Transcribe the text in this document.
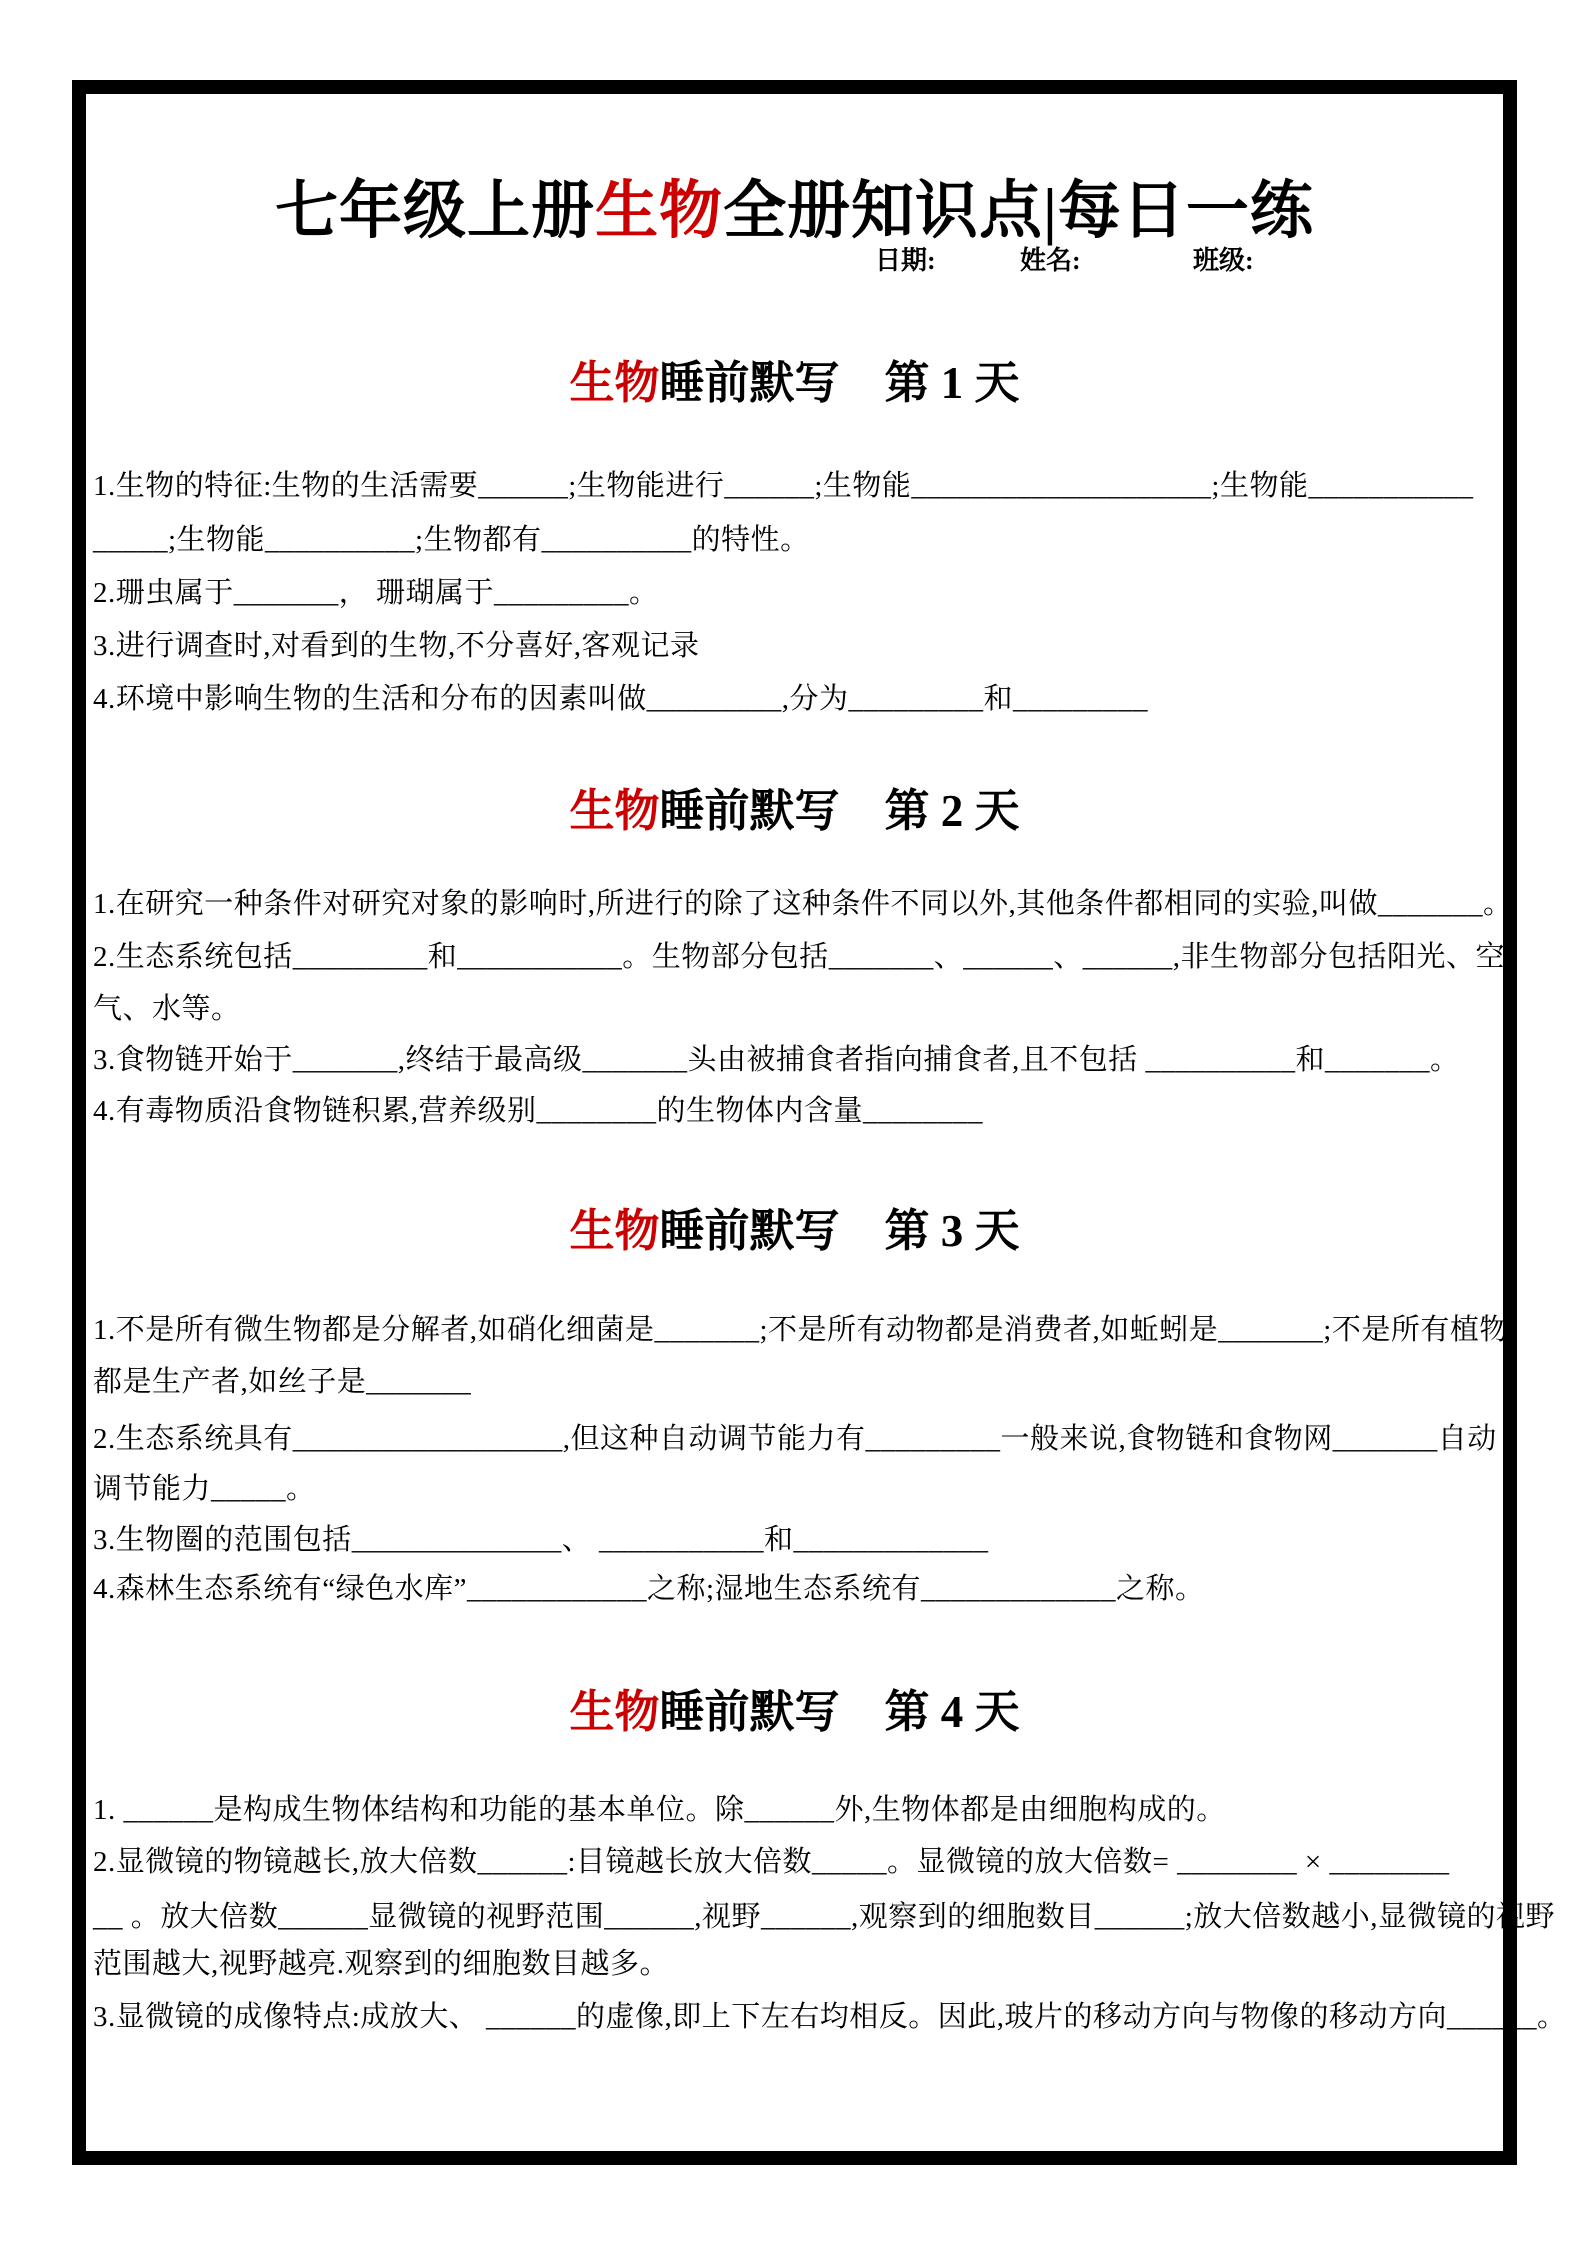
七年级上册生物全册知识点|每日一练
日期:	姓名:	班级:
生物睡前默写　第 1 天
1.生物的特征:生物的生活需要______;生物能进行______;生物能____________________;生物能___________
_____;生物能__________;生物都有__________的特性。
2.珊虫属于_______， 珊瑚属于_________。
3.进行调查时,对看到的生物,不分喜好,客观记录
4.环境中影响生物的生活和分布的因素叫做_________,分为_________和_________
生物睡前默写　第 2 天
1.在研究一种条件对研究对象的影响时,所进行的除了这种条件不同以外,其他条件都相同的实验,叫做_______。
2.生态系统包括_________和___________。生物部分包括_______、______、______,非生物部分包括阳光、空
气、水等。
3.食物链开始于_______,终结于最高级_______头由被捕食者指向捕食者,且不包括 __________和_______。
4.有毒物质沿食物链积累,营养级别________的生物体内含量________
生物睡前默写　第 3 天
1.不是所有微生物都是分解者,如硝化细菌是_______;不是所有动物都是消费者,如蚯蚓是_______;不是所有植物
都是生产者,如丝子是_______
2.生态系统具有__________________,但这种自动调节能力有_________一般来说,食物链和食物网_______自动
调节能力_____。
3.生物圈的范围包括______________、 ___________和_____________
4.森林生态系统有“绿色水库”____________之称;湿地生态系统有_____________之称。
生物睡前默写　第 4 天
1. ______是构成生物体结构和功能的基本单位。除______外,生物体都是由细胞构成的。
2.显微镜的物镜越长,放大倍数______:目镜越长放大倍数_____。显微镜的放大倍数= ________ × ________
__ 。放大倍数______显微镜的视野范围______,视野______,观察到的细胞数目______;放大倍数越小,显微镜的视野
范围越大,视野越亮.观察到的细胞数目越多。
3.显微镜的成像特点:成放大、 ______的虚像,即上下左右均相反。因此,玻片的移动方向与物像的移动方向______。
